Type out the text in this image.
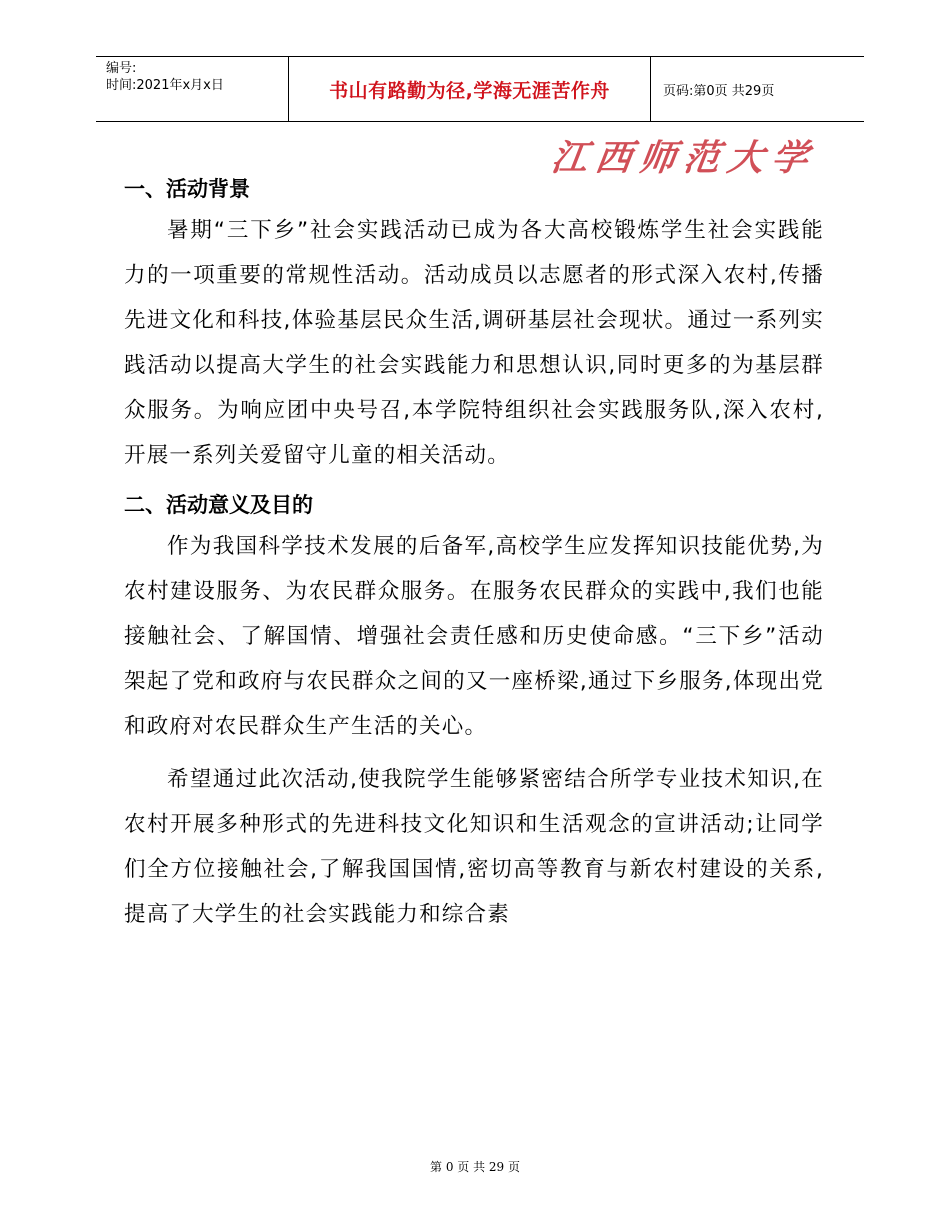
编号:
时间:2021年x月x日	书山有路勤为径,学海无涯苦作舟	页码:第0页 共29页
江西师范大学
一、活动背景

暑期“三下乡”社会实践活动已成为各大高校锻炼学生社会实践能力的一项重要的常规性活动。活动成员以志愿者的形式深入农村,传播先进文化和科技,体验基层民众生活,调研基层社会现状。通过一系列实践活动以提高大学生的社会实践能力和思想认识,同时更多的为基层群众服务。为响应团中央号召,本学院特组织社会实践服务队,深入农村,开展一系列关爱留守儿童的相关活动。

二、活动意义及目的

作为我国科学技术发展的后备军,高校学生应发挥知识技能优势,为农村建设服务、为农民群众服务。在服务农民群众的实践中,我们也能接触社会、了解国情、增强社会责任感和历史使命感。“三下乡”活动架起了党和政府与农民群众之间的又一座桥梁,通过下乡服务,体现出党和政府对农民群众生产生活的关心。

希望通过此次活动,使我院学生能够紧密结合所学专业技术知识,在农村开展多种形式的先进科技文化知识和生活观念的宣讲活动;让同学们全方位接触社会,了解我国国情,密切高等教育与新农村建设的关系,提高了大学生的社会实践能力和综合素

第 0 页 共 29 页
